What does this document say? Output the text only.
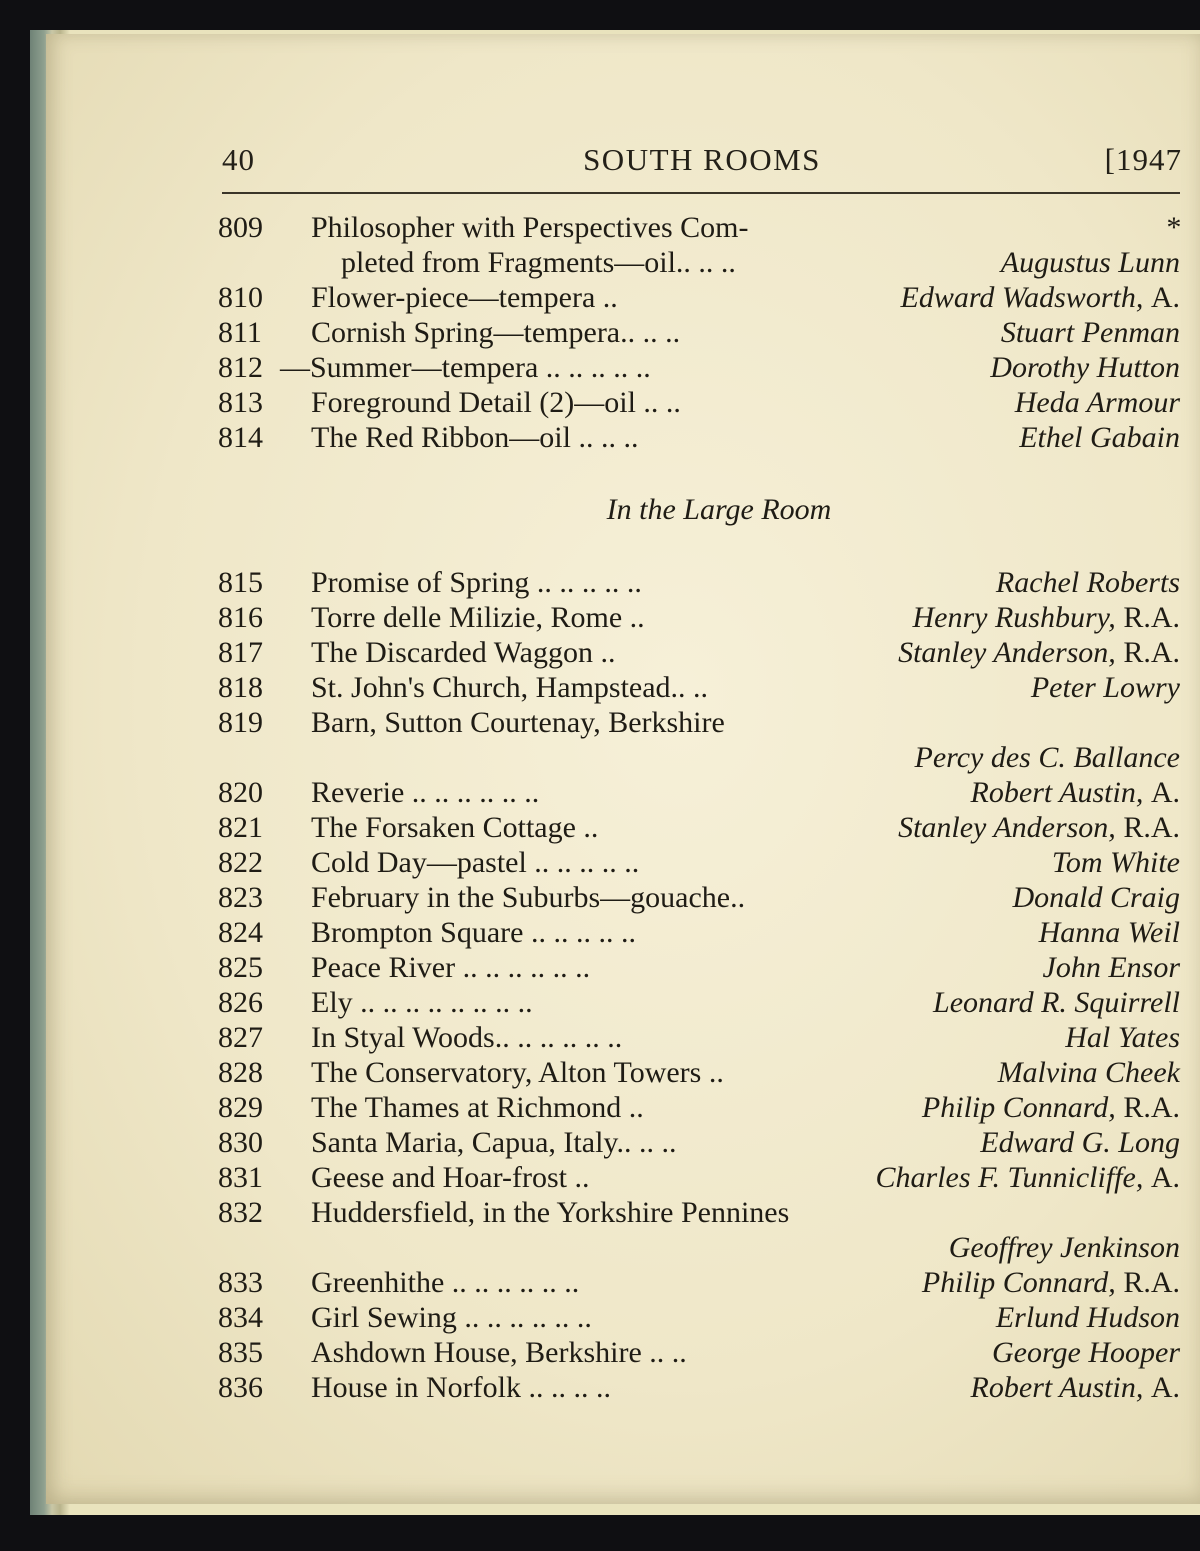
40	SOUTH ROOMS	[1947
809 Philosopher with Perspectives Com-	*
pleted from Fragments—oil.. .. ..	Augustus Lunn
810 Flower-piece—tempera ..	Edward Wadsworth, A.
811 Cornish Spring—tempera.. .. ..	Stuart Penman
812 —Summer—tempera .. .. .. .. ..	Dorothy Hutton
813 Foreground Detail (2)—oil .. ..	Heda Armour
814 The Red Ribbon—oil .. .. ..	Ethel Gabain
In the Large Room
815 Promise of Spring .. .. .. .. ..	Rachel Roberts
816 Torre delle Milizie, Rome ..	Henry Rushbury, R.A.
817 The Discarded Waggon ..	Stanley Anderson, R.A.
818 St. John's Church, Hampstead.. ..	Peter Lowry
819 Barn, Sutton Courtenay, Berkshire
Percy des C. Ballance
820 Reverie .. .. .. .. .. ..	Robert Austin, A.
821 The Forsaken Cottage ..	Stanley Anderson, R.A.
822 Cold Day—pastel .. .. .. .. ..	Tom White
823 February in the Suburbs—gouache..	Donald Craig
824 Brompton Square .. .. .. .. ..	Hanna Weil
825 Peace River .. .. .. .. .. ..	John Ensor
826 Ely .. .. .. .. .. .. .. ..	Leonard R. Squirrell
827 In Styal Woods.. .. .. .. .. ..	Hal Yates
828 The Conservatory, Alton Towers ..	Malvina Cheek
829 The Thames at Richmond ..	Philip Connard, R.A.
830 Santa Maria, Capua, Italy.. .. ..	Edward G. Long
831 Geese and Hoar-frost ..	Charles F. Tunnicliffe, A.
832 Huddersfield, in the Yorkshire Pennines
Geoffrey Jenkinson
833 Greenhithe .. .. .. .. .. ..	Philip Connard, R.A.
834 Girl Sewing .. .. .. .. .. ..	Erlund Hudson
835 Ashdown House, Berkshire .. ..	George Hooper
836 House in Norfolk .. .. .. ..	Robert Austin, A.
